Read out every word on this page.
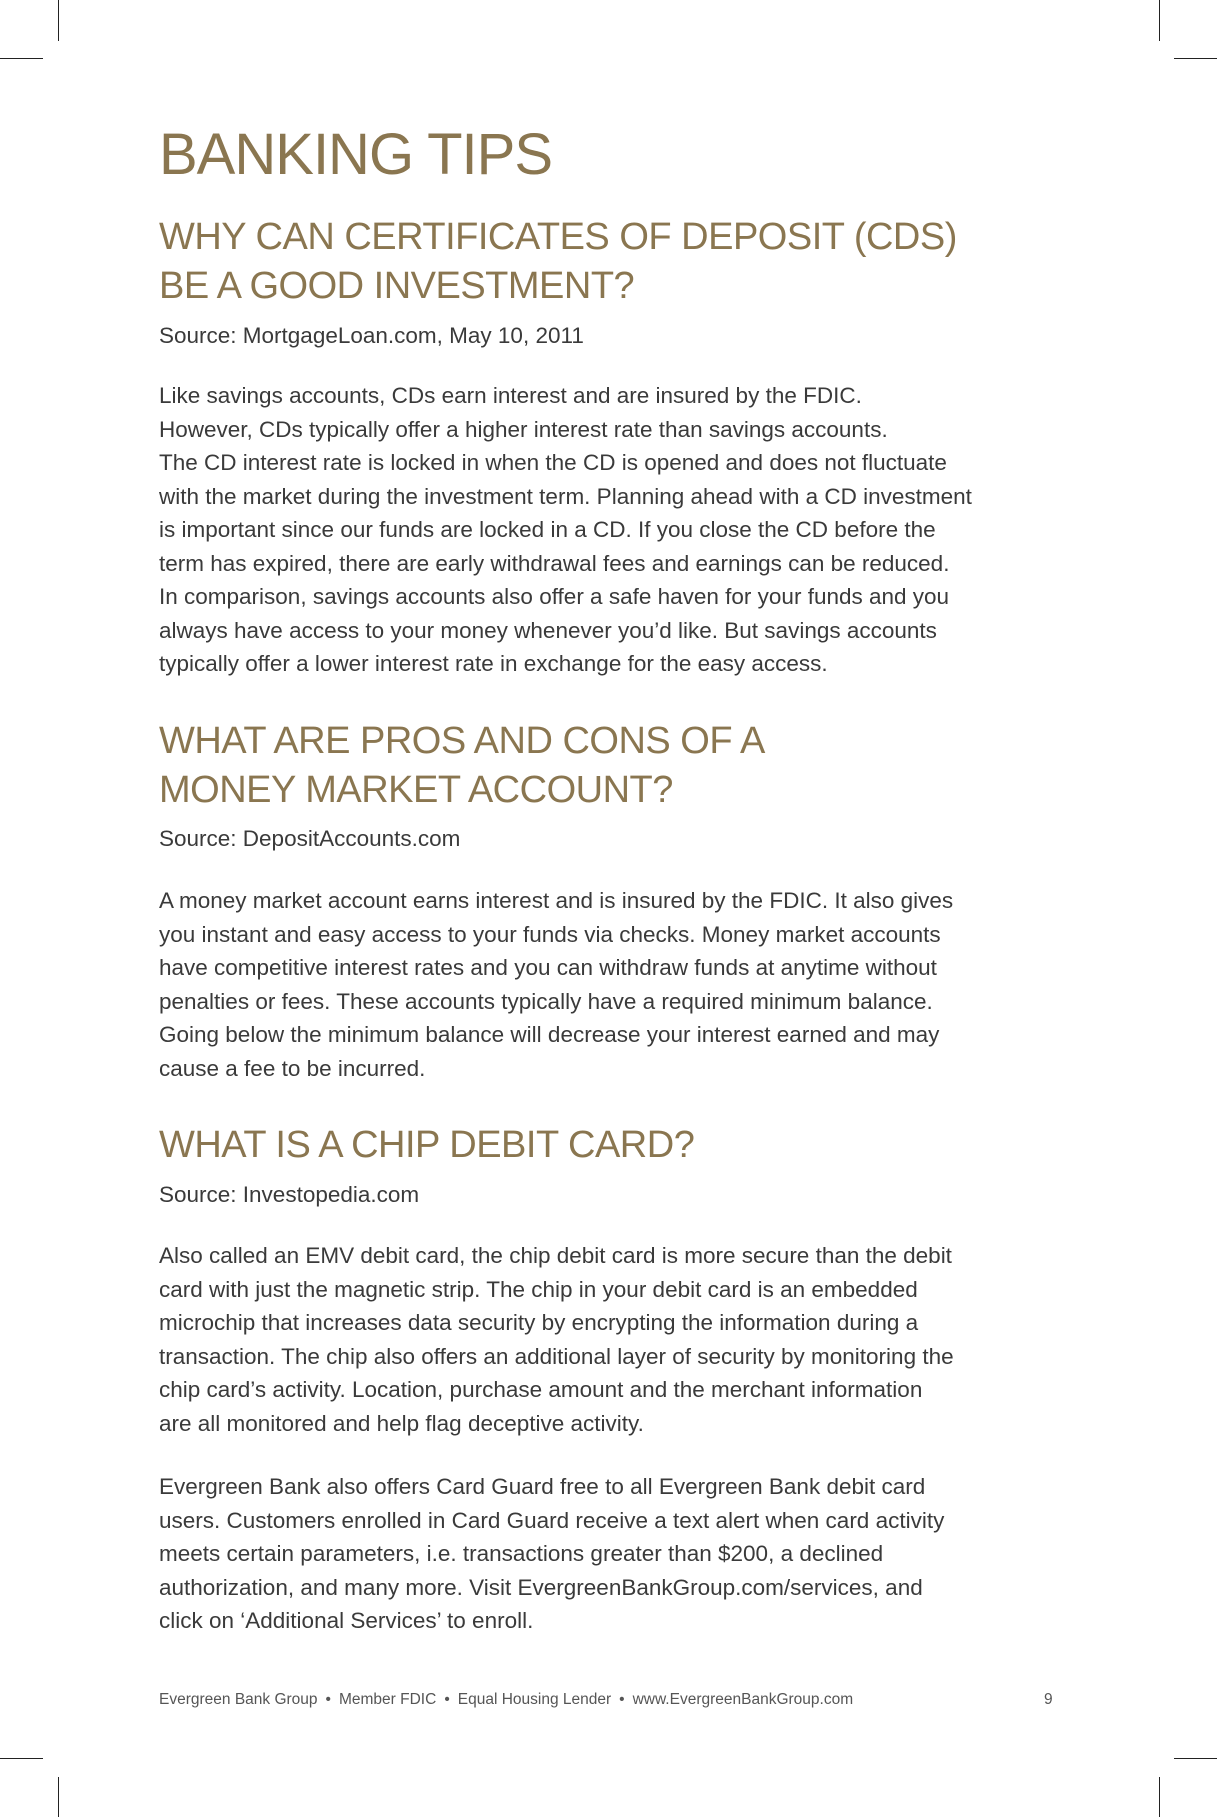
BANKING TIPS
WHY CAN CERTIFICATES OF DEPOSIT (CDS)
BE A GOOD INVESTMENT?
Source: MortgageLoan.com, May 10, 2011
Like savings accounts, CDs earn interest and are insured by the FDIC.
However, CDs typically offer a higher interest rate than savings accounts.
The CD interest rate is locked in when the CD is opened and does not fluctuate
with the market during the investment term. Planning ahead with a CD investment
is important since our funds are locked in a CD. If you close the CD before the
term has expired, there are early withdrawal fees and earnings can be reduced.
In comparison, savings accounts also offer a safe haven for your funds and you
always have access to your money whenever you’d like. But savings accounts
typically offer a lower interest rate in exchange for the easy access.
WHAT ARE PROS AND CONS OF A
MONEY MARKET ACCOUNT?
Source: DepositAccounts.com
A money market account earns interest and is insured by the FDIC. It also gives
you instant and easy access to your funds via checks. Money market accounts
have competitive interest rates and you can withdraw funds at anytime without
penalties or fees. These accounts typically have a required minimum balance.
Going below the minimum balance will decrease your interest earned and may
cause a fee to be incurred.
WHAT IS A CHIP DEBIT CARD?
Source: Investopedia.com
Also called an EMV debit card, the chip debit card is more secure than the debit
card with just the magnetic strip. The chip in your debit card is an embedded
microchip that increases data security by encrypting the information during a
transaction. The chip also offers an additional layer of security by monitoring the
chip card’s activity. Location, purchase amount and the merchant information
are all monitored and help flag deceptive activity.
Evergreen Bank also offers Card Guard free to all Evergreen Bank debit card
users. Customers enrolled in Card Guard receive a text alert when card activity
meets certain parameters, i.e. transactions greater than $200, a declined
authorization, and many more. Visit EvergreenBankGroup.com/services, and
click on ‘Additional Services’ to enroll.
Evergreen Bank Group • Member FDIC • Equal Housing Lender • www.EvergreenBankGroup.com	9
